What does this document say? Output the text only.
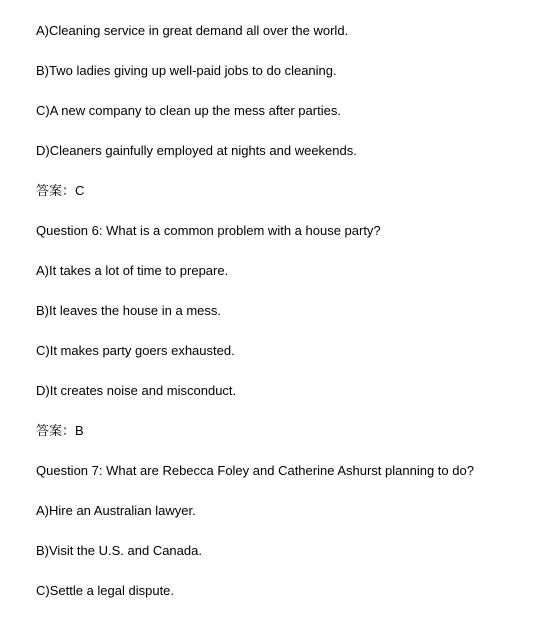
A)Cleaning service in great demand all over the world.
B)Two ladies giving up well-paid jobs to do cleaning.
C)A new company to clean up the mess after parties.
D)Cleaners gainfully employed at nights and weekends.
答案：C
Question 6: What is a common problem with a house party?
A)It takes a lot of time to prepare.
B)It leaves the house in a mess.
C)It makes party goers exhausted.
D)It creates noise and misconduct.
答案：B
Question 7: What are Rebecca Foley and Catherine Ashurst planning to do?
A)Hire an Australian lawyer.
B)Visit the U.S. and Canada.
C)Settle a legal dispute.
